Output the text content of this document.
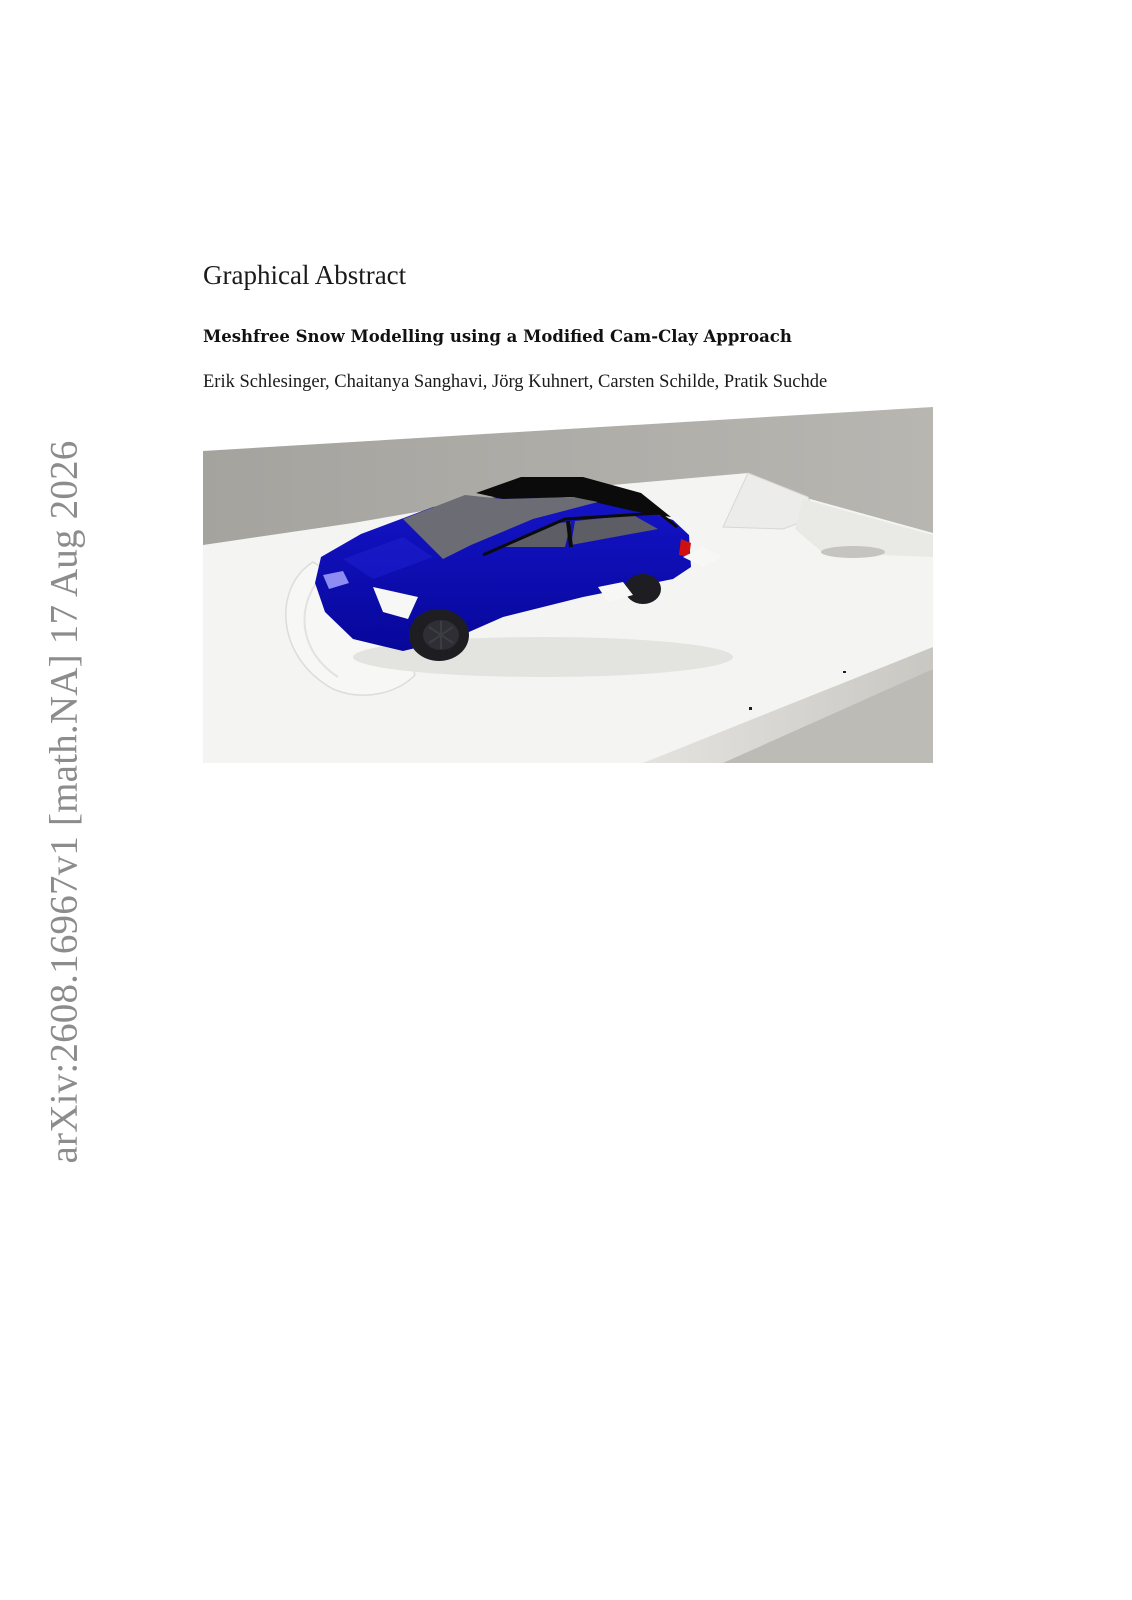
arXiv:2608.16967v1 [math.NA] 17 Aug 2026
Graphical Abstract
Meshfree Snow Modelling using a Modified Cam-Clay Approach

Erik Schlesinger, Chaitanya Sanghavi, Jörg Kuhnert, Carsten Schilde, Pratik Suchde
